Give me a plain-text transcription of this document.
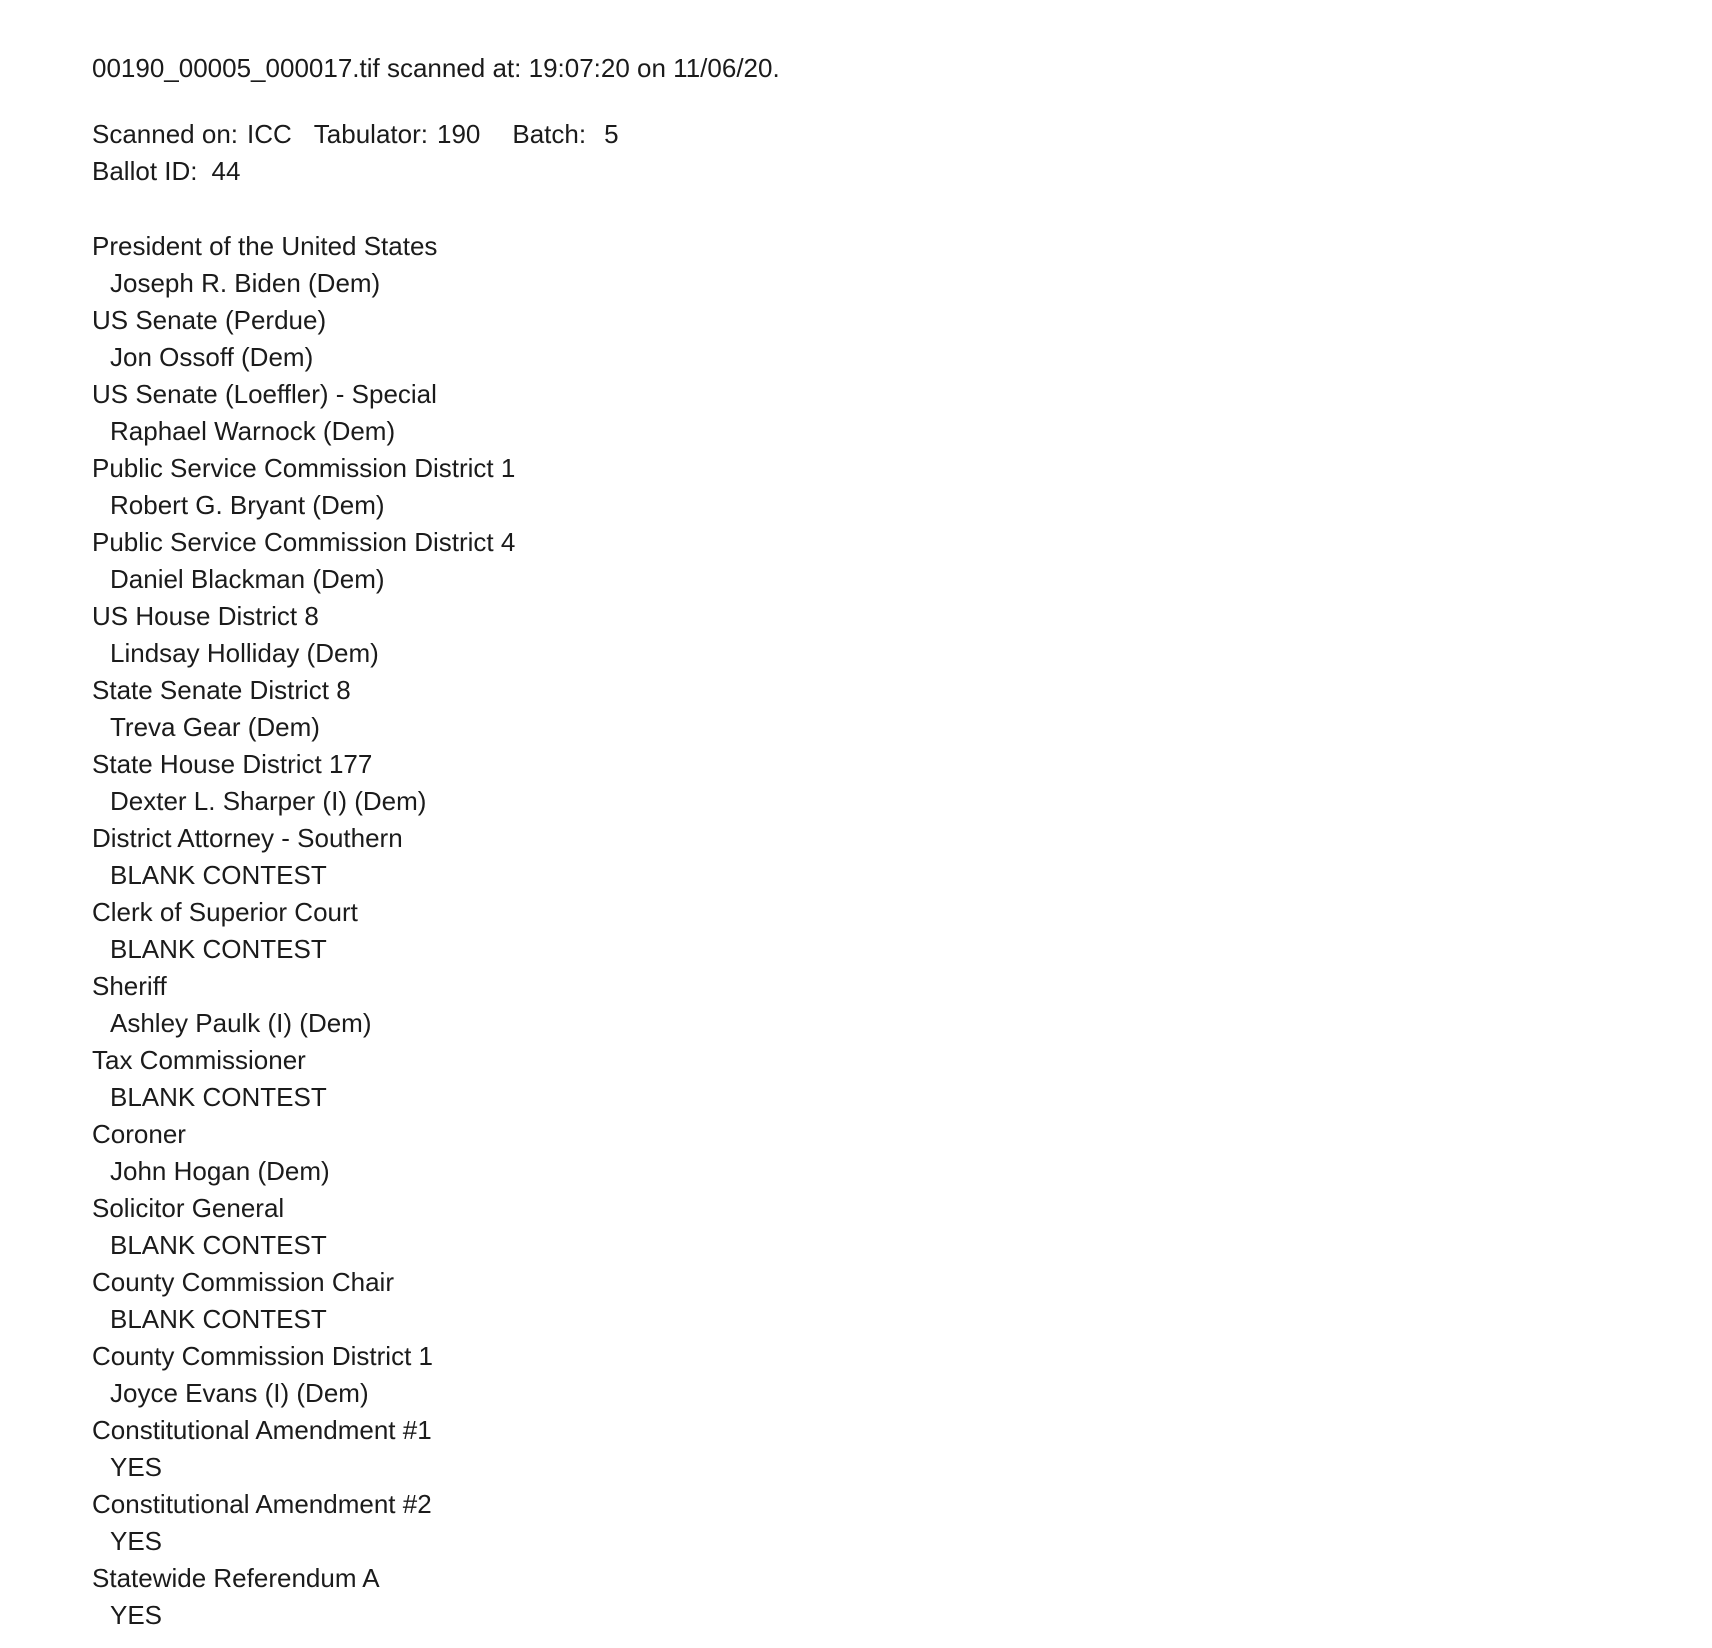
00190_00005_000017.tif scanned at: 19:07:20 on 11/06/20.
Scanned on: ICC Tabulator: 190 Batch: 5
Ballot ID: 44
President of the United States
Joseph R. Biden (Dem)
US Senate (Perdue)
Jon Ossoff (Dem)
US Senate (Loeffler) - Special
Raphael Warnock (Dem)
Public Service Commission District 1
Robert G. Bryant (Dem)
Public Service Commission District 4
Daniel Blackman (Dem)
US House District 8
Lindsay Holliday (Dem)
State Senate District 8
Treva Gear (Dem)
State House District 177
Dexter L. Sharper (I) (Dem)
District Attorney - Southern
BLANK CONTEST
Clerk of Superior Court
BLANK CONTEST
Sheriff
Ashley Paulk (I) (Dem)
Tax Commissioner
BLANK CONTEST
Coroner
John Hogan (Dem)
Solicitor General
BLANK CONTEST
County Commission Chair
BLANK CONTEST
County Commission District 1
Joyce Evans (I) (Dem)
Constitutional Amendment #1
YES
Constitutional Amendment #2
YES
Statewide Referendum A
YES
